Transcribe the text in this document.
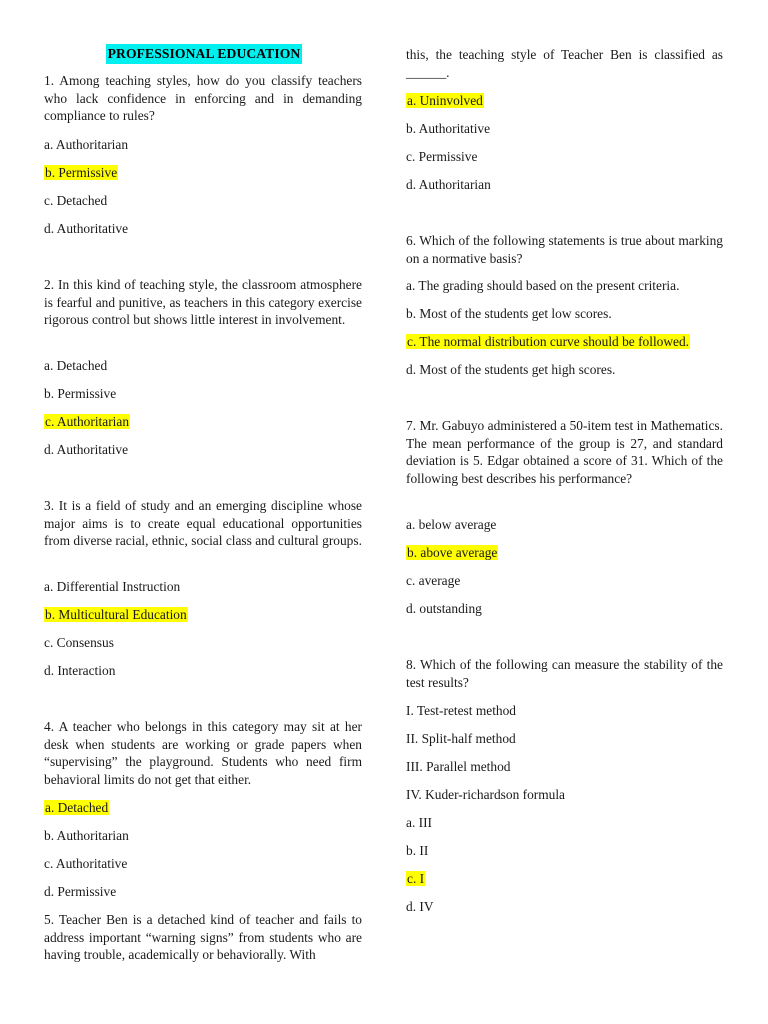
PROFESSIONAL EDUCATION
1. Among teaching styles, how do you classify teachers who lack confidence in enforcing and in demanding compliance to rules?
a. Authoritarian
b. Permissive
c. Detached
d. Authoritative
2. In this kind of teaching style, the classroom atmosphere is fearful and punitive, as teachers in this category exercise rigorous control but shows little interest in involvement.
a. Detached
b. Permissive
c. Authoritarian
d. Authoritative
3. It is a field of study and an emerging discipline whose major aims is to create equal educational opportunities from diverse racial, ethnic, social class and cultural groups.
a. Differential Instruction
b. Multicultural Education
c. Consensus
d. Interaction
4. A teacher who belongs in this category may sit at her desk when students are working or grade papers when “supervising” the playground. Students who need firm behavioral limits do not get that either.
a. Detached
b. Authoritarian
c. Authoritative
d. Permissive
5. Teacher Ben is a detached kind of teacher and fails to address important “warning signs” from students who are having trouble, academically or behaviorally. With
this, the teaching style of Teacher Ben is classified as ______.
a. Uninvolved
b. Authoritative
c. Permissive
d. Authoritarian
6. Which of the following statements is true about marking on a normative basis?
a. The grading should based on the present criteria.
b. Most of the students get low scores.
c. The normal distribution curve should be followed.
d. Most of the students get high scores.
7. Mr. Gabuyo administered a 50-item test in Mathematics. The mean performance of the group is 27, and standard deviation is 5. Edgar obtained a score of 31. Which of the following best describes his performance?
a. below average
b. above average
c. average
d. outstanding
8. Which of the following can measure the stability of the test results?
I. Test-retest method
II. Split-half method
III. Parallel method
IV. Kuder-richardson formula
a. III
b. II
c. I
d. IV
